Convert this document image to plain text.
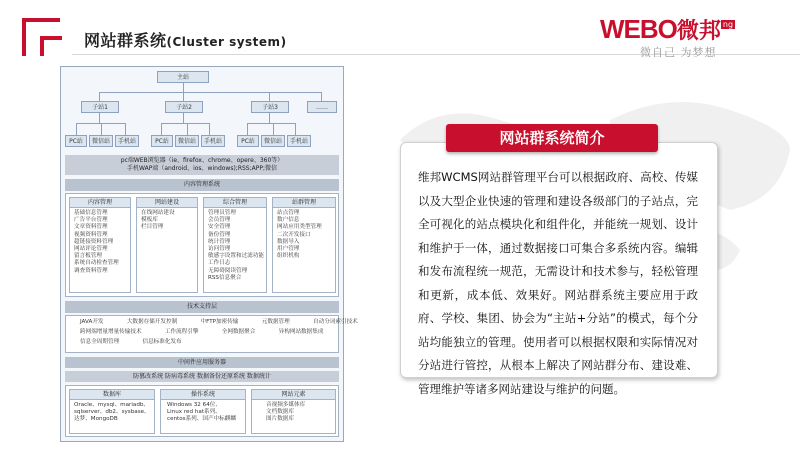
网站群系统(Cluster system)	WEBO微邦 $^{ng}$
微自己 为梦想
主站
子站1	子站2	子站3	……
PC站	微信站	手机站	PC站	微信站	手机站	PC站	微信站	手机站
pc端WEB浏览器（ie、firefox、chrome、opere、360等）
手机WAP端（android、ios、windows);RSS;APP;微信
内容管理系统
内容管理
基础信息管理
广告平台管理
文章资料管理
视频资料管理
超链接资料管理
网站评论管理
留言板管理
系统自动检查管理
调查资料管理
网站建设
在线网站建设
模板库
栏目管理
综合管理
管理员管理
会员管理
安全管理
备份管理
统计管理
访问管理
敏感字设置和过滤功能
工作日志
无障碍阅读管理
RSS信息聚合
站群管理
站点管理
数户信息
网站应用类型管理
二次开发接口
数据导入
用户管理
组织机构
技术支持层
JAVA开发   大数据存储开发控制   中FTP加密传输   元数据管理   自动分词索引技术
跨网端增量增量传输技术   工作流程引擎   全网数据聚合   异构网站数据集成
信息全周期管理   信息标准化发布
中间件应用服务器
防篡改系统 防病毒系统 数据备份还原系统 数据统计
数据库
Oracle、mysql、mariadb、
sqlserver、db2、sysbase、
达梦、MongoDB
操作系统
Windows 32 64位、
Linux red hat系列、
centos系列、国产中标麒麟
网站元素
音视频多媒体库
文档数据库
图片数据库
网站群系统简介
维邦WCMS网站群管理平台可以根据政府、高校、传媒以及大型企业快速的管理和建设各级部门的子站点，完全可视化的站点模块化和组件化，并能统一规划、设计和维护于一体，通过数据接口可集合多系统内容。编辑和发布流程统一规范，无需设计和技术参与，轻松管理和更新，成本低、效果好。网站群系统主要应用于政府、学校、集团、协会为“主站+分站”的模式，每个分站均能独立的管理。使用者可以根据权限和实际情况对分站进行管控，从根本上解决了网站群分布、建设难、管理维护等诸多网站建设与维护的问题。
